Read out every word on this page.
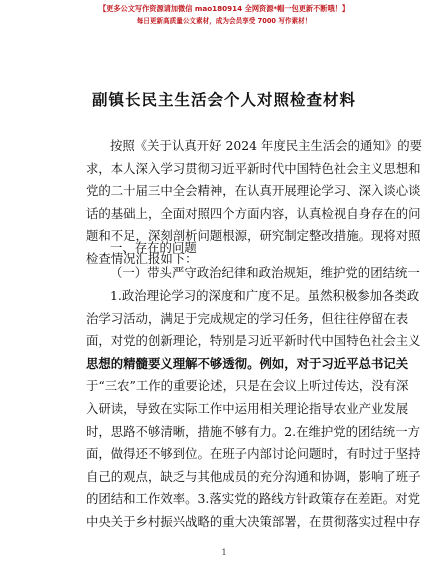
【更多公文写作资源请加微信 mao180914 全网资源*帽一包更新不断哦！】
每日更新高质量公文素材，成为会员享受 7000 写作素材！
副镇长民主生活会个人对照检查材料
按照《关于认真开好 2024 年度民主生活会的通知》的要
求，本人深入学习贯彻习近平新时代中国特色社会主义思想和
党的二十届三中全会精神，在认真开展理论学习、深入谈心谈
话的基础上，全面对照四个方面内容，认真检视自身存在的问
题和不足，深刻剖析问题根源，研究制定整改措施。现将对照
检查情况汇报如下：
一、存在的问题
（一）带头严守政治纪律和政治规矩，维护党的团结统一
1.政治理论学习的深度和广度不足。虽然积极参加各类政
治学习活动，满足于完成规定的学习任务，但往往停留在表
面，对党的创新理论，特别是习近平新时代中国特色社会主义
思想的精髓要义理解不够透彻。例如，对于习近平总书记关
于“三农”工作的重要论述，只是在会议上听过传达，没有深
入研读，导致在实际工作中运用相关理论指导农业产业发展
时，思路不够清晰，措施不够有力。2.在维护党的团结统一方
面，做得还不够到位。在班子内部讨论问题时，有时过于坚持
自己的观点，缺乏与其他成员的充分沟通和协调，影响了班子
的团结和工作效率。3.落实党的路线方针政策存在差距。对党
中央关于乡村振兴战略的重大决策部署，在贯彻落实过程中存
1
